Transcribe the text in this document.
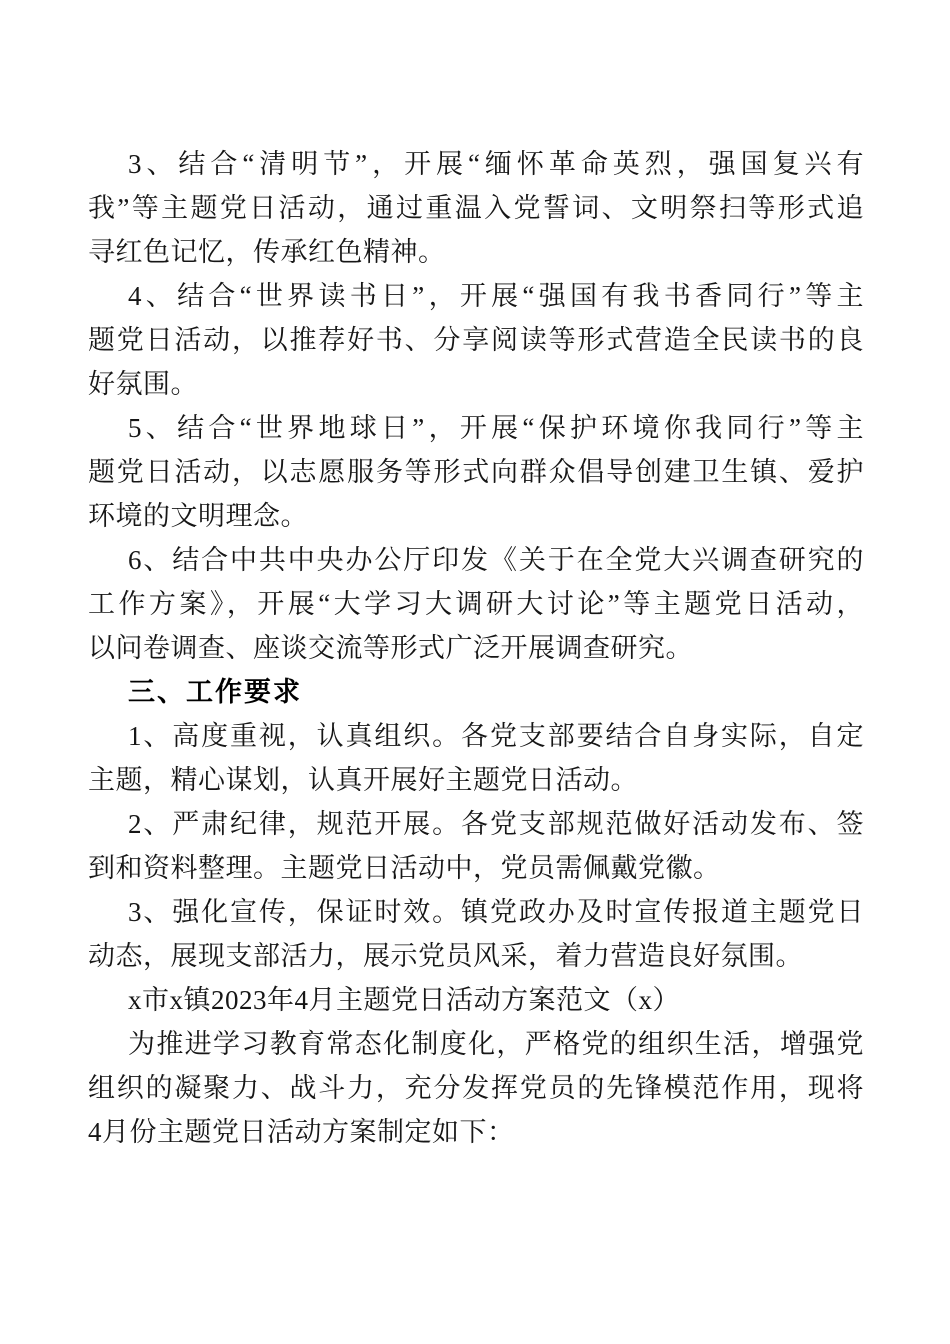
3、结合“清明节”，开展“缅怀革命英烈，强国复兴有
我”等主题党日活动，通过重温入党誓词、文明祭扫等形式追
寻红色记忆，传承红色精神。

4、结合“世界读书日”，开展“强国有我书香同行”等主
题党日活动，以推荐好书、分享阅读等形式营造全民读书的良
好氛围。

5、结合“世界地球日”，开展“保护环境你我同行”等主
题党日活动，以志愿服务等形式向群众倡导创建卫生镇、爱护
环境的文明理念。

6、结合中共中央办公厅印发《关于在全党大兴调查研究的
工作方案》，开展“大学习大调研大讨论”等主题党日活动，
以问卷调查、座谈交流等形式广泛开展调查研究。

三、工作要求

1、高度重视，认真组织。各党支部要结合自身实际，自定
主题，精心谋划，认真开展好主题党日活动。

2、严肃纪律，规范开展。各党支部规范做好活动发布、签
到和资料整理。主题党日活动中，党员需佩戴党徽。

3、强化宣传，保证时效。镇党政办及时宣传报道主题党日
动态，展现支部活力，展示党员风采，着力营造良好氛围。

x市x镇2023年4月主题党日活动方案范文（x）

为推进学习教育常态化制度化，严格党的组织生活，增强党
组织的凝聚力、战斗力，充分发挥党员的先锋模范作用，现将
4月份主题党日活动方案制定如下：
